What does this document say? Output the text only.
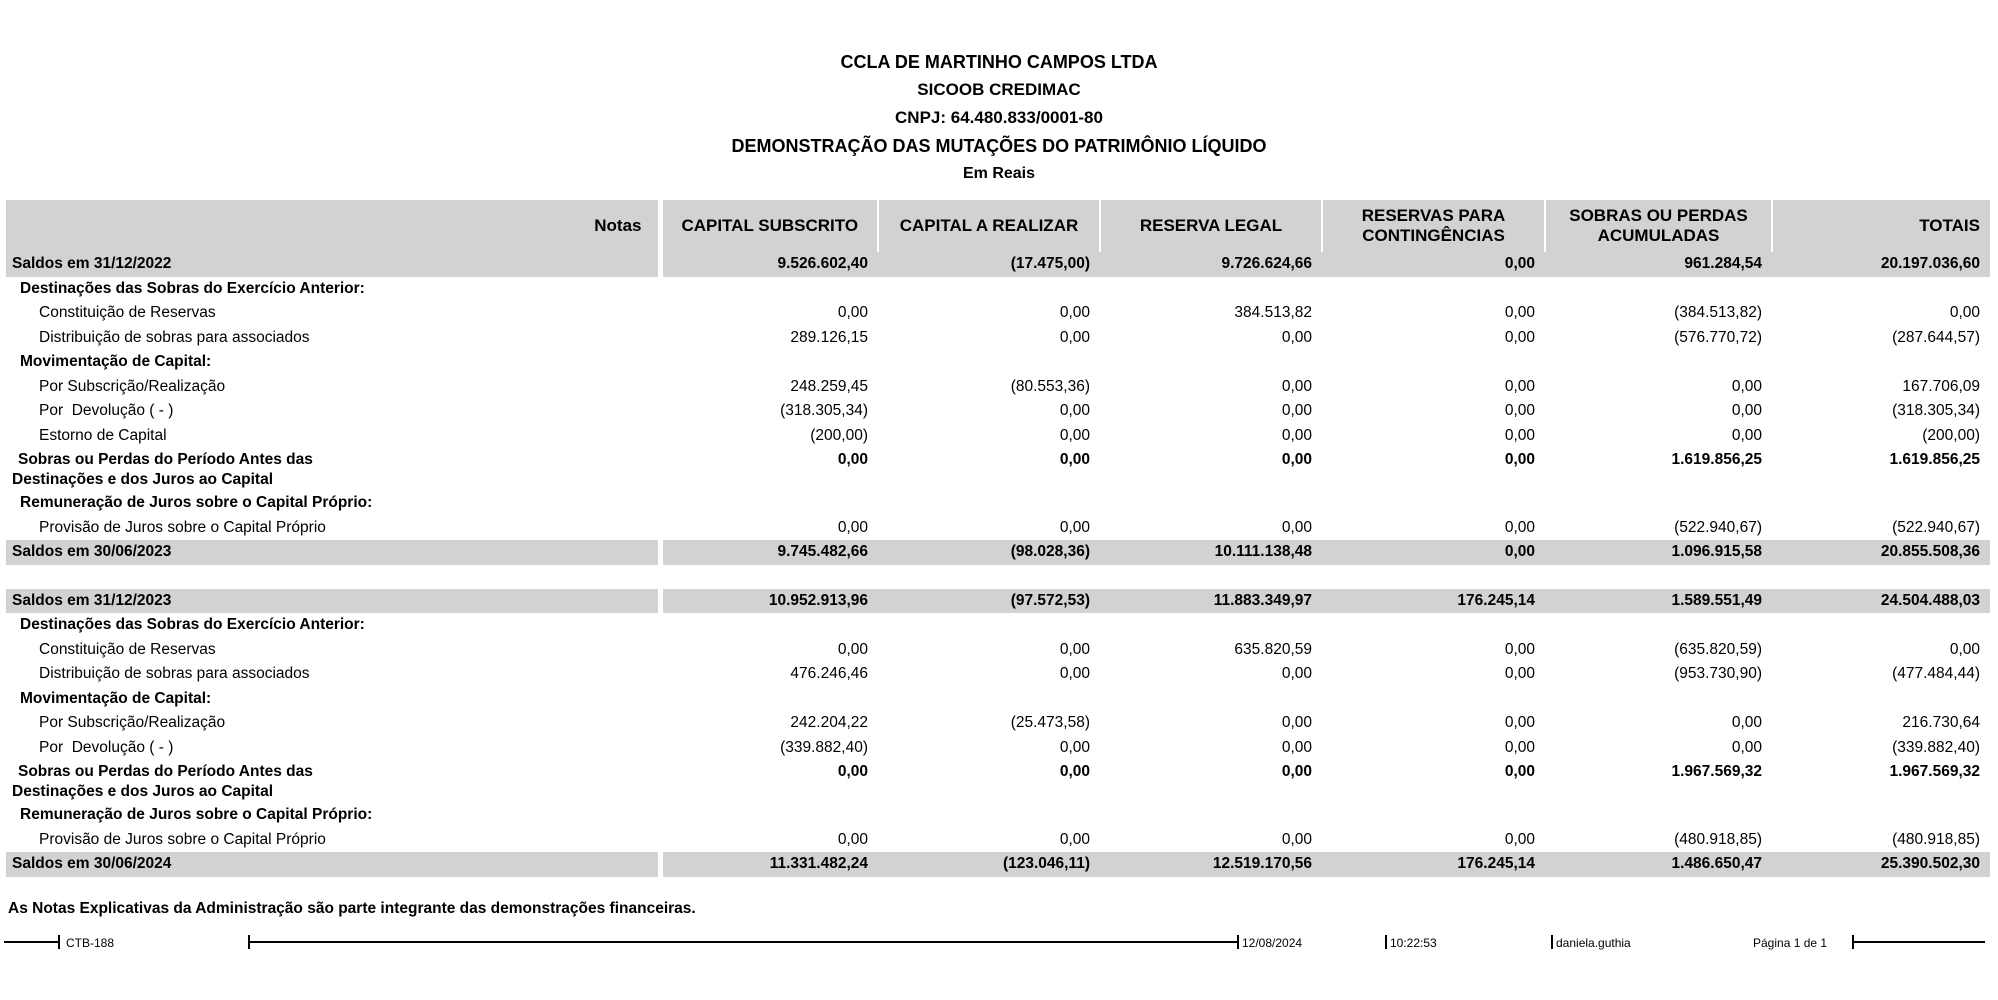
CCLA DE MARTINHO CAMPOS LTDA
SICOOB CREDIMAC
CNPJ: 64.480.833/0001-80
DEMONSTRAÇÃO DAS MUTAÇÕES DO PATRIMÔNIO LÍQUIDO
Em Reais
	Notas	CAPITAL SUBSCRITO	CAPITAL A REALIZAR	RESERVA LEGAL	RESERVAS PARA CONTINGÊNCIAS	SOBRAS OU PERDAS ACUMULADAS	TOTAIS
Saldos em 31/12/2022		9.526.602,40	(17.475,00)	9.726.624,66	0,00	961.284,54	20.197.036,60
Destinações das Sobras do Exercício Anterior:							
Constituição de Reservas		0,00	0,00	384.513,82	0,00	(384.513,82)	0,00
Distribuição de sobras para associados		289.126,15	0,00	0,00	0,00	(576.770,72)	(287.644,57)
Movimentação de Capital:							
Por Subscrição/Realização		248.259,45	(80.553,36)	0,00	0,00	0,00	167.706,09
Por  Devolução ( - )		(318.305,34)	0,00	0,00	0,00	0,00	(318.305,34)
Estorno de Capital		(200,00)	0,00	0,00	0,00	0,00	(200,00)
Sobras ou Perdas do Período Antes das
Destinações e dos Juros ao Capital		0,00	0,00	0,00	0,00	1.619.856,25	1.619.856,25
Remuneração de Juros sobre o Capital Próprio:							
Provisão de Juros sobre o Capital Próprio		0,00	0,00	0,00	0,00	(522.940,67)	(522.940,67)
Saldos em 30/06/2023		9.745.482,66	(98.028,36)	10.111.138,48	0,00	1.096.915,58	20.855.508,36

Saldos em 31/12/2023		10.952.913,96	(97.572,53)	11.883.349,97	176.245,14	1.589.551,49	24.504.488,03
Destinações das Sobras do Exercício Anterior:							
Constituição de Reservas		0,00	0,00	635.820,59	0,00	(635.820,59)	0,00
Distribuição de sobras para associados		476.246,46	0,00	0,00	0,00	(953.730,90)	(477.484,44)
Movimentação de Capital:							
Por Subscrição/Realização		242.204,22	(25.473,58)	0,00	0,00	0,00	216.730,64
Por  Devolução ( - )		(339.882,40)	0,00	0,00	0,00	0,00	(339.882,40)
Sobras ou Perdas do Período Antes das
Destinações e dos Juros ao Capital		0,00	0,00	0,00	0,00	1.967.569,32	1.967.569,32
Remuneração de Juros sobre o Capital Próprio:							
Provisão de Juros sobre o Capital Próprio		0,00	0,00	0,00	0,00	(480.918,85)	(480.918,85)
Saldos em 30/06/2024		11.331.482,24	(123.046,11)	12.519.170,56	176.245,14	1.486.650,47	25.390.502,30
As Notas Explicativas da Administração são parte integrante das demonstrações financeiras.
CTB-188	12/08/2024	10:22:53	daniela.guthia	Página 1 de 1
